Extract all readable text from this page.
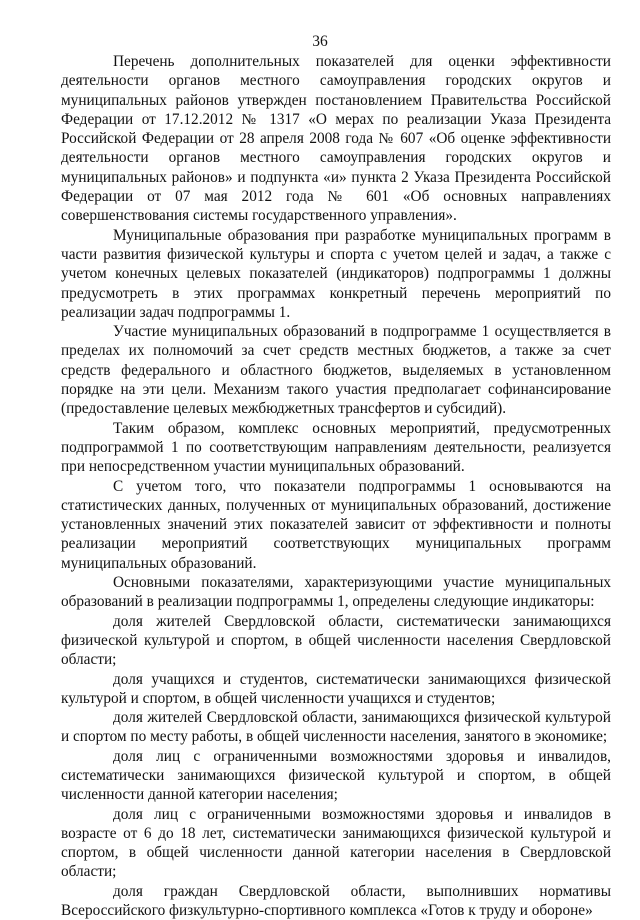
36

Перечень дополнительных показателей для оценки эффективности деятельности органов местного самоуправления городских округов и муниципальных районов утвержден постановлением Правительства Российской Федерации от 17.12.2012 № 1317 «О мерах по реализации Указа Президента Российской Федерации от 28 апреля 2008 года № 607 «Об оценке эффективности деятельности органов местного самоуправления городских округов и муниципальных районов» и подпункта «и» пункта 2 Указа Президента Российской Федерации от 07 мая 2012 года № 601 «Об основных направлениях совершенствования системы государственного управления».

Муниципальные образования при разработке муниципальных программ в части развития физической культуры и спорта с учетом целей и задач, а также с учетом конечных целевых показателей (индикаторов) подпрограммы 1 должны предусмотреть в этих программах конкретный перечень мероприятий по реализации задач подпрограммы 1.

Участие муниципальных образований в подпрограмме 1 осуществляется в пределах их полномочий за счет средств местных бюджетов, а также за счет средств федерального и областного бюджетов, выделяемых в установленном порядке на эти цели. Механизм такого участия предполагает софинансирование (предоставление целевых межбюджетных трансфертов и субсидий).

Таким образом, комплекс основных мероприятий, предусмотренных подпрограммой 1 по соответствующим направлениям деятельности, реализуется при непосредственном участии муниципальных образований.

С учетом того, что показатели подпрограммы 1 основываются на статистических данных, полученных от муниципальных образований, достижение установленных значений этих показателей зависит от эффективности и полноты реализации мероприятий соответствующих муниципальных программ муниципальных образований.

Основными показателями, характеризующими участие муниципальных образований в реализации подпрограммы 1, определены следующие индикаторы:

доля жителей Свердловской области, систематически занимающихся физической культурой и спортом, в общей численности населения Свердловской области;

доля учащихся и студентов, систематически занимающихся физической культурой и спортом, в общей численности учащихся и студентов;

доля жителей Свердловской области, занимающихся физической культурой и спортом по месту работы, в общей численности населения, занятого в экономике;

доля лиц с ограниченными возможностями здоровья и инвалидов, систематически занимающихся физической культурой и спортом, в общей численности данной категории населения;

доля лиц с ограниченными возможностями здоровья и инвалидов в возрасте от 6 до 18 лет, систематически занимающихся физической культурой и спортом, в общей численности данной категории населения в Свердловской области;

доля граждан Свердловской области, выполнивших нормативы Всероссийского физкультурно-спортивного комплекса «Готов к труду и обороне»
